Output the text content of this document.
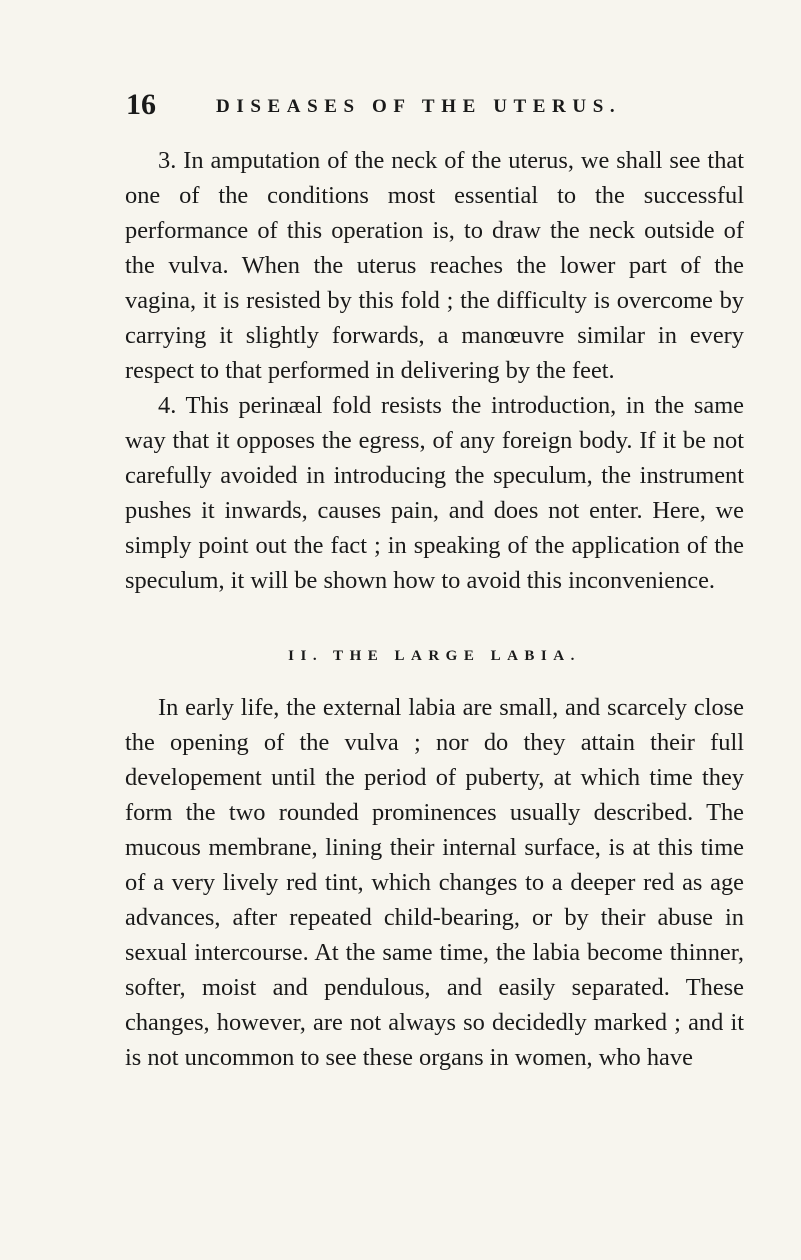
16	DISEASES OF THE UTERUS.

3. In amputation of the neck of the uterus, we shall see that one of the conditions most essential to the successful performance of this operation is, to draw the neck outside of the vulva. When the uterus reaches the lower part of the vagina, it is resisted by this fold ; the difficulty is overcome by carrying it slightly forwards, a manœuvre similar in every respect to that performed in delivering by the feet.

4. This perinæal fold resists the introduction, in the same way that it opposes the egress, of any foreign body. If it be not carefully avoided in introducing the speculum, the instrument pushes it inwards, causes pain, and does not enter. Here, we simply point out the fact ; in speaking of the application of the speculum, it will be shown how to avoid this inconvenience.

II. THE LARGE LABIA.

In early life, the external labia are small, and scarcely close the opening of the vulva ; nor do they attain their full developement until the period of puberty, at which time they form the two rounded prominences usually described. The mucous membrane, lining their internal surface, is at this time of a very lively red tint, which changes to a deeper red as age advances, after repeated child-bearing, or by their abuse in sexual intercourse. At the same time, the labia become thinner, softer, moist and pendulous, and easily separated. These changes, however, are not always so decidedly marked ; and it is not uncommon to see these organs in women, who have
